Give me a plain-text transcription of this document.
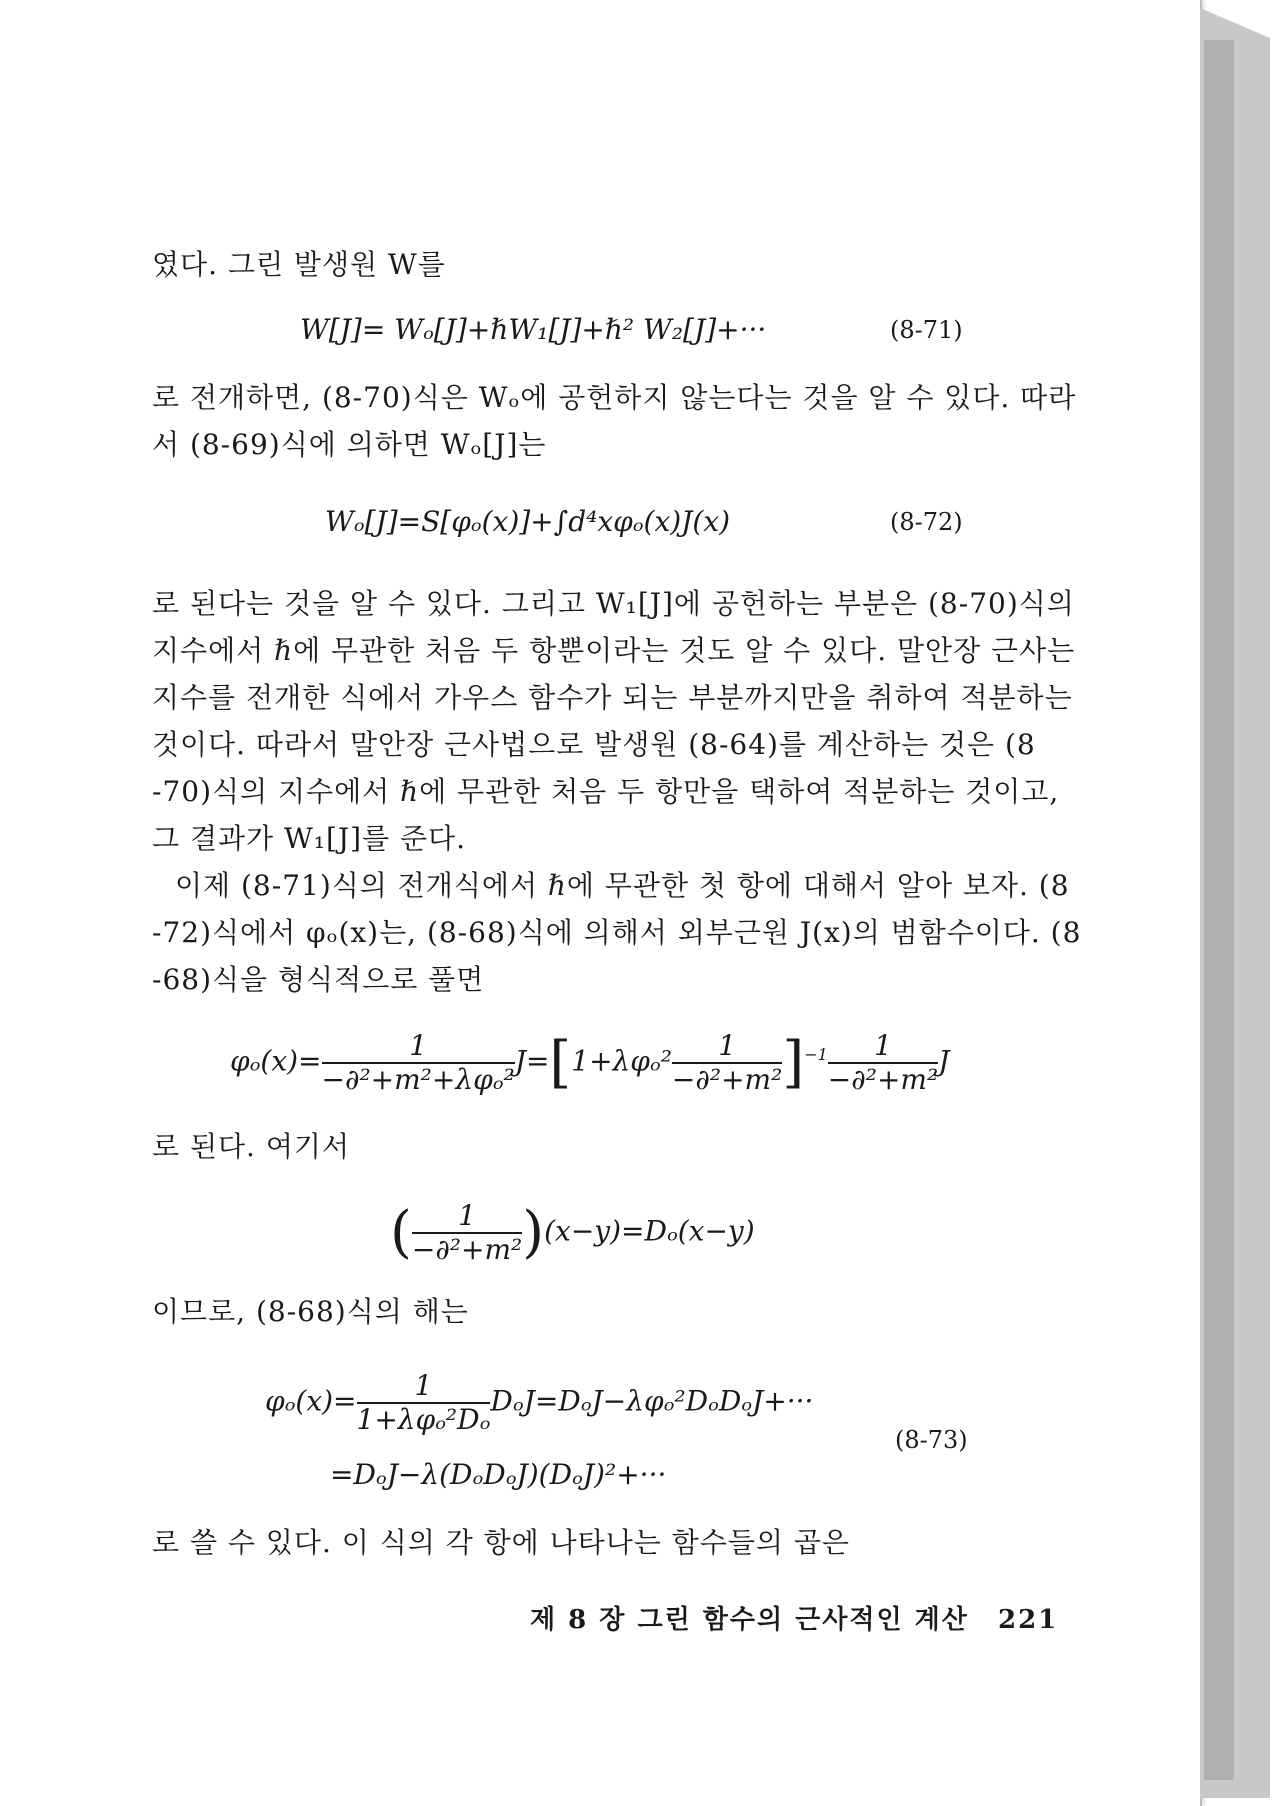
였다. 그린 발생원 W를
W[J]= Wₒ[J]+ℏW₁[J]+ℏ² W₂[J]+···	(8-71)
로 전개하면, (8-70)식은 Wₒ에 공헌하지 않는다는 것을 알 수 있다. 따라
서 (8-69)식에 의하면 Wₒ[J]는
Wₒ[J]=S[φₒ(x)]+∫d⁴xφₒ(x)J(x)	(8-72)
로 된다는 것을 알 수 있다. 그리고 W₁[J]에 공헌하는 부분은 (8-70)식의
지수에서 ℏ에 무관한 처음 두 항뿐이라는 것도 알 수 있다. 말안장 근사는
지수를 전개한 식에서 가우스 함수가 되는 부분까지만을 취하여 적분하는
것이다. 따라서 말안장 근사법으로 발생원 (8-64)를 계산하는 것은 (8
-70)식의 지수에서 ℏ에 무관한 처음 두 항만을 택하여 적분하는 것이고,
그 결과가 W₁[J]를 준다.
이제 (8-71)식의 전개식에서 ℏ에 무관한 첫 항에 대해서 알아 보자. (8
-72)식에서 φₒ(x)는, (8-68)식에 의해서 외부근원 J(x)의 범함수이다. (8
-68)식을 형식적으로 풀면
$\varphi_o(x)= \frac{1}{\text{−∂²+m²+λφₒ²}} J=[1+\lambda\varphi_o^2 \frac{1}{\text{−∂²+m²}} ]^{-1} \frac{1}{\text{−∂²+m²}}$ J
로 된다. 여기서
( $\frac{1}{\text{−∂²+m²}} )(x-y)=D_o(x-y)$
이므로, (8-68)식의 해는
$\varphi_o(x)= \frac{1}{\text{1+λφₒ²Dₒ}} D_oJ=D_oJ-\lambda\varphi_o^2D_oD_oJ+\cdot\cdot\cdot$
=DₒJ−λ(DₒDₒJ)(DₒJ)²+···
(8-73)
로 쓸 수 있다. 이 식의 각 항에 나타나는 함수들의 곱은
제 8 장 그린 함수의 근사적인 계산 221
